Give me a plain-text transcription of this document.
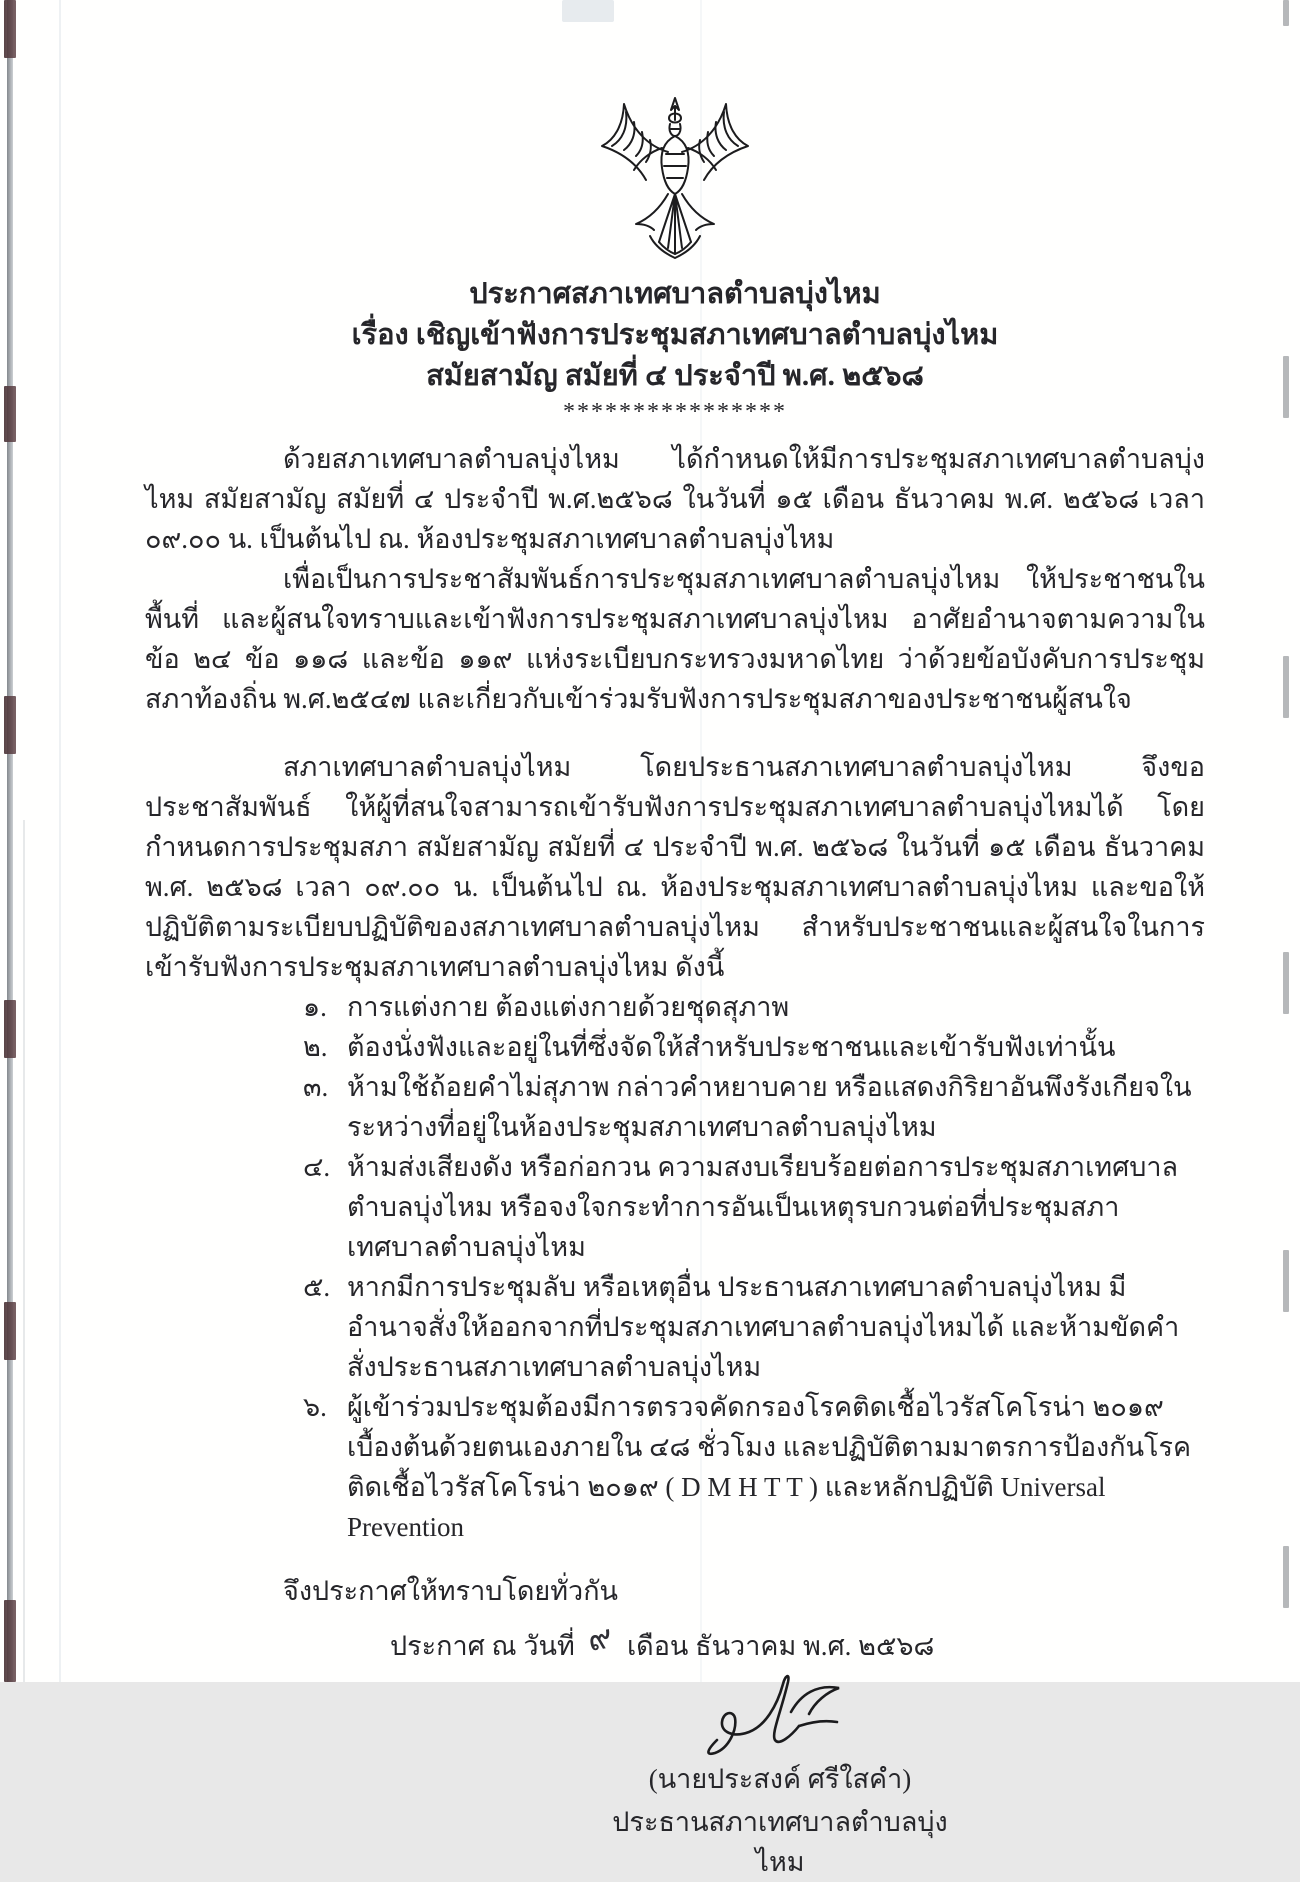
ประกาศสภาเทศบาลตำบลบุ่งไหม
เรื่อง เชิญเข้าฟังการประชุมสภาเทศบาลตำบลบุ่งไหม
สมัยสามัญ สมัยที่ ๔ ประจำปี พ.ศ. ๒๕๖๘
****************

ด้วยสภาเทศบาลตำบลบุ่งไหม ได้กำหนดให้มีการประชุมสภาเทศบาลตำบลบุ่งไหม สมัยสามัญ สมัยที่ ๔ ประจำปี พ.ศ.๒๕๖๘ ในวันที่ ๑๕ เดือน ธันวาคม พ.ศ. ๒๕๖๘ เวลา ๐๙.๐๐ น. เป็นต้นไป ณ. ห้องประชุมสภาเทศบาลตำบลบุ่งไหม

เพื่อเป็นการประชาสัมพันธ์การประชุมสภาเทศบาลตำบลบุ่งไหม ให้ประชาชนในพื้นที่ และผู้สนใจทราบและเข้าฟังการประชุมสภาเทศบาลบุ่งไหม อาศัยอำนาจตามความในข้อ ๒๔ ข้อ ๑๑๘ และข้อ ๑๑๙ แห่งระเบียบกระทรวงมหาดไทย ว่าด้วยข้อบังคับการประชุมสภาท้องถิ่น พ.ศ.๒๕๔๗ และเกี่ยวกับเข้าร่วมรับฟังการประชุมสภาของประชาชนผู้สนใจ

สภาเทศบาลตำบลบุ่งไหม โดยประธานสภาเทศบาลตำบลบุ่งไหม จึงขอประชาสัมพันธ์ ให้ผู้ที่สนใจสามารถเข้ารับฟังการประชุมสภาเทศบาลตำบลบุ่งไหมได้ โดยกำหนดการประชุมสภา สมัยสามัญ สมัยที่ ๔ ประจำปี พ.ศ. ๒๕๖๘ ในวันที่ ๑๕ เดือน ธันวาคม พ.ศ. ๒๕๖๘ เวลา ๐๙.๐๐ น. เป็นต้นไป ณ. ห้องประชุมสภาเทศบาลตำบลบุ่งไหม และขอให้ปฏิบัติตามระเบียบปฏิบัติของสภาเทศบาลตำบลบุ่งไหม สำหรับประชาชนและผู้สนใจในการเข้ารับฟังการประชุมสภาเทศบาลตำบลบุ่งไหม ดังนี้

๑. การแต่งกาย ต้องแต่งกายด้วยชุดสุภาพ
๒. ต้องนั่งฟังและอยู่ในที่ซึ่งจัดให้สำหรับประชาชนและเข้ารับฟังเท่านั้น
๓. ห้ามใช้ถ้อยคำไม่สุภาพ กล่าวคำหยาบคาย หรือแสดงกิริยาอันพึงรังเกียจในระหว่างที่อยู่ในห้องประชุมสภาเทศบาลตำบลบุ่งไหม
๔. ห้ามส่งเสียงดัง หรือก่อกวน ความสงบเรียบร้อยต่อการประชุมสภาเทศบาลตำบลบุ่งไหม หรือจงใจกระทำการอันเป็นเหตุรบกวนต่อที่ประชุมสภาเทศบาลตำบลบุ่งไหม
๕. หากมีการประชุมลับ หรือเหตุอื่น ประธานสภาเทศบาลตำบลบุ่งไหม มีอำนาจสั่งให้ออกจากที่ประชุมสภาเทศบาลตำบลบุ่งไหมได้ และห้ามขัดคำสั่งประธานสภาเทศบาลตำบลบุ่งไหม
๖. ผู้เข้าร่วมประชุมต้องมีการตรวจคัดกรองโรคติดเชื้อไวรัสโคโรน่า ๒๐๑๙ เบื้องต้นด้วยตนเองภายใน ๔๘ ชั่วโมง และปฏิบัติตามมาตรการป้องกันโรคติดเชื้อไวรัสโคโรน่า ๒๐๑๙ ( D M H T T ) และหลักปฏิบัติ Universal Prevention

จึงประกาศให้ทราบโดยทั่วกัน

ประกาศ ณ วันที่ ๙ เดือน ธันวาคม พ.ศ. ๒๕๖๘
(นายประสงค์ ศรีใสคำ)
ประธานสภาเทศบาลตำบลบุ่งไหม
